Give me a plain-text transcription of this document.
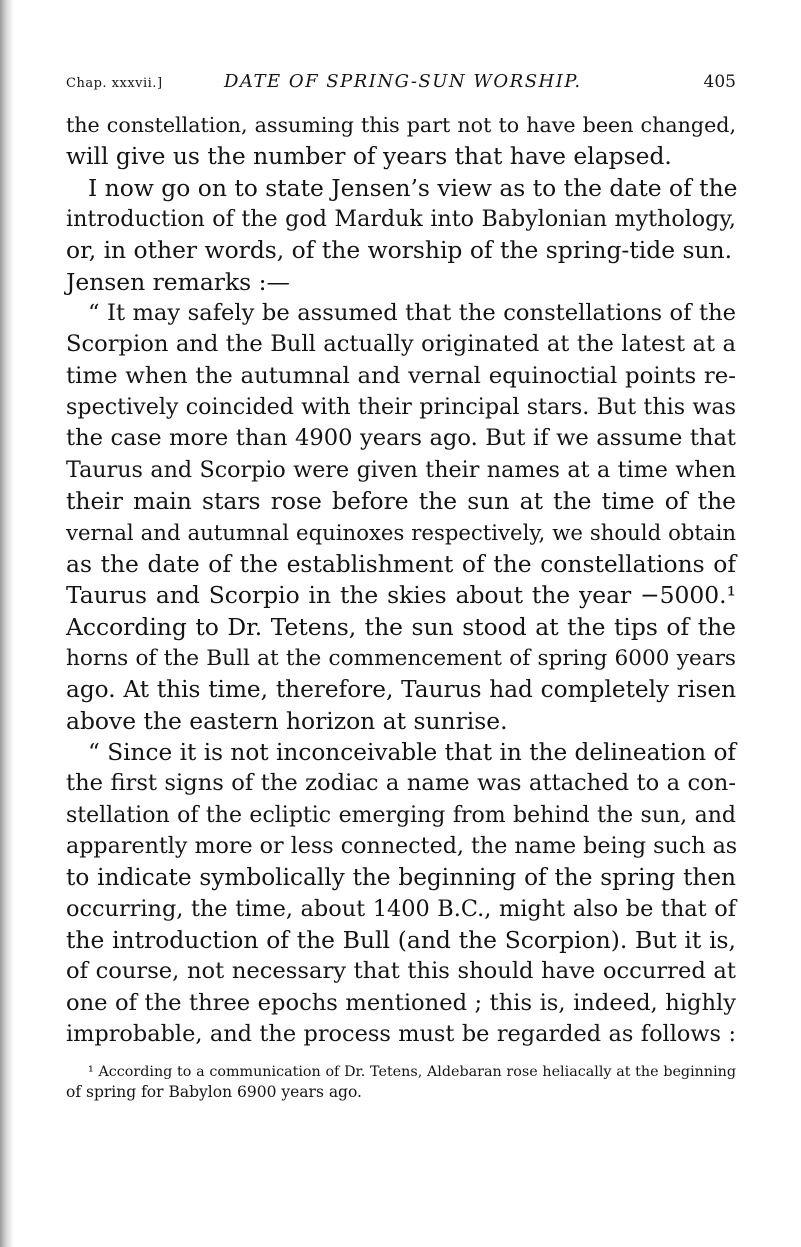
Chap. xxxvii.]	DATE OF SPRING-SUN WORSHIP.	405
the constellation, assuming this part not to have been changed,
will give us the number of years that have elapsed.
I now go on to state Jensen’s view as to the date of the
introduction of the god Marduk into Babylonian mythology,
or, in other words, of the worship of the spring-tide sun.
Jensen remarks :—
“ It may safely be assumed that the constellations of the
Scorpion and the Bull actually originated at the latest at a
time when the autumnal and vernal equinoctial points re-
spectively coincided with their principal stars. But this was
the case more than 4900 years ago. But if we assume that
Taurus and Scorpio were given their names at a time when
their main stars rose before the sun at the time of the
vernal and autumnal equinoxes respectively, we should obtain
as the date of the establishment of the constellations of
Taurus and Scorpio in the skies about the year −5000.¹
According to Dr. Tetens, the sun stood at the tips of the
horns of the Bull at the commencement of spring 6000 years
ago. At this time, therefore, Taurus had completely risen
above the eastern horizon at sunrise.
“ Since it is not inconceivable that in the delineation of
the first signs of the zodiac a name was attached to a con-
stellation of the ecliptic emerging from behind the sun, and
apparently more or less connected, the name being such as
to indicate symbolically the beginning of the spring then
occurring, the time, about 1400 B.C., might also be that of
the introduction of the Bull (and the Scorpion). But it is,
of course, not necessary that this should have occurred at
one of the three epochs mentioned ; this is, indeed, highly
improbable, and the process must be regarded as follows :
¹ According to a communication of Dr. Tetens, Aldebaran rose heliacally at the beginning
of spring for Babylon 6900 years ago.
